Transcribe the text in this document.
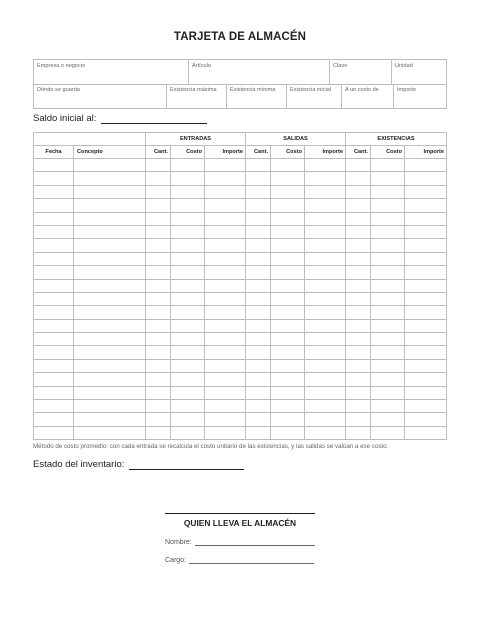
TARJETA DE ALMACÉN
Empresa o negocio	Artículo	Clave	Unidad
Dónde se guarda	Existencia máxima	Existencia mínima	Existencia inicial	A un costo de	Importe
Saldo inicial al:
		ENTRADAS			SALIDAS			EXISTENCIAS		
Fecha	Concepto	Cant.	Costo	Importe	Cant.	Costo	Importe	Cant.	Costo	Importe

Método de costo promedio: con cada entrada se recalcula el costo unitario de las existencias, y las salidas se valúan a ese costo.
Estado del inventario:
QUIEN LLEVA EL ALMACÉN
Nombre:
Cargo:
